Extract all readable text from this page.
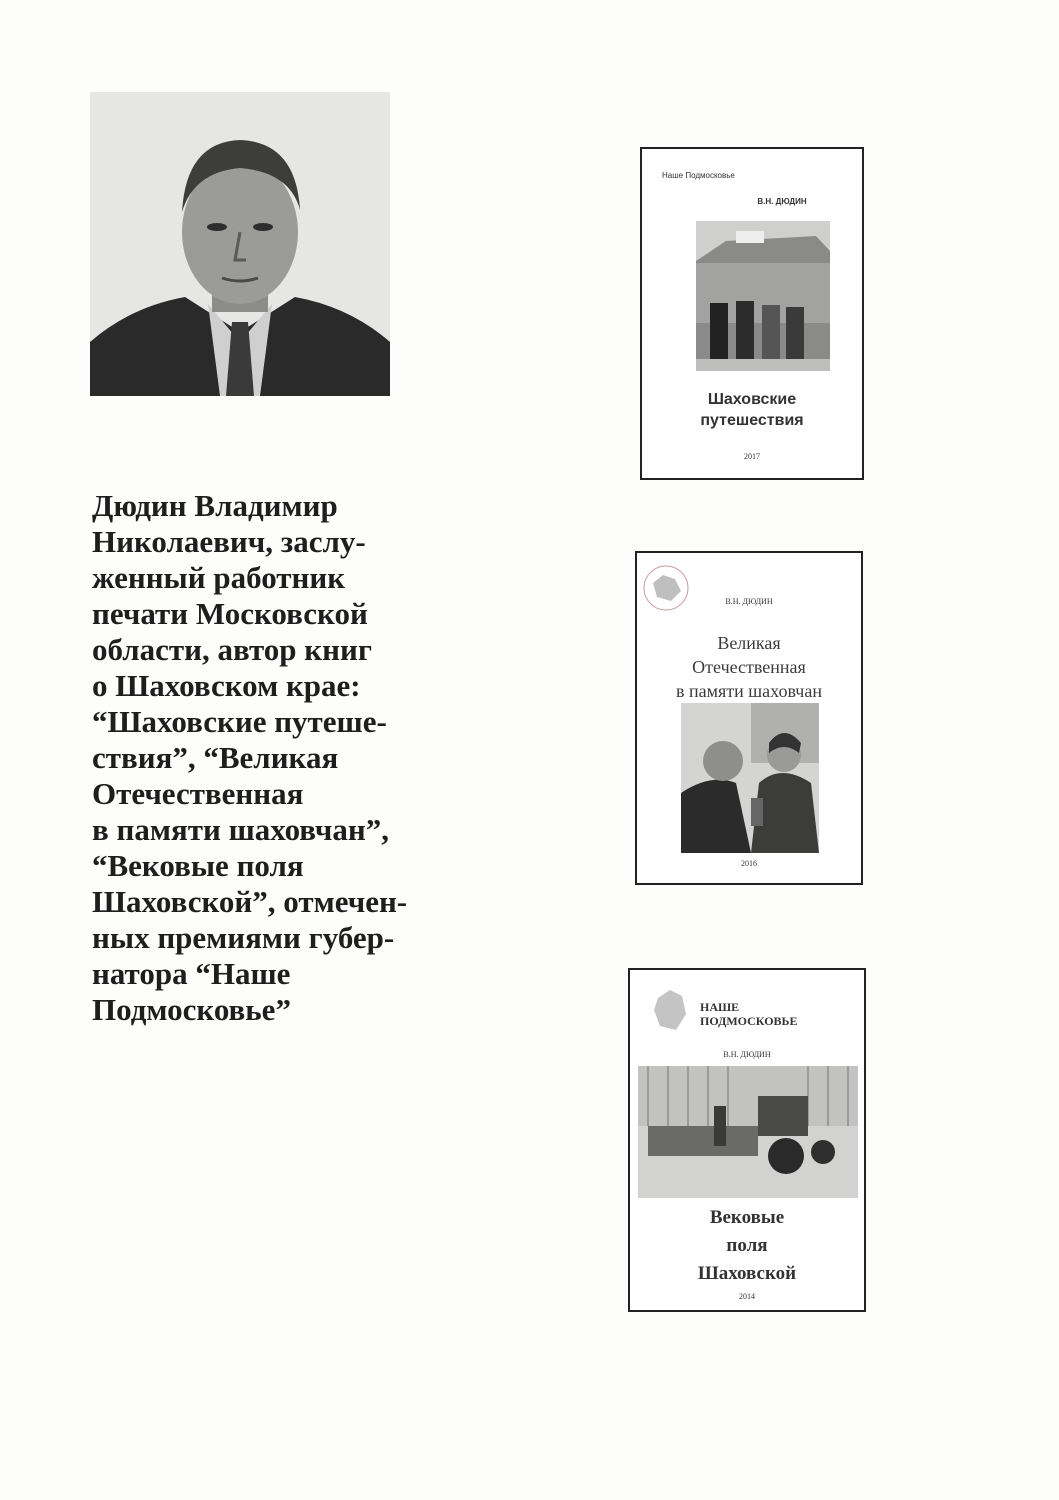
Дюдин Владимир
Николаевич, заслу-
женный работник
печати Московской
области, автор книг
о Шаховском крае:
“Шаховские путеше-
ствия”, “Великая
Отечественная
в памяти шаховчан”,
“Вековые поля
Шаховской”, отмечен-
ных премиями губер-
натора “Наше
Подмосковье”
Наше Подмосковье
В.Н. ДЮДИН
Шаховские
путешествия
2017
В.Н. ДЮДИН
Великая
Отечественная
в памяти шаховчан
2016
НАШЕ
ПОДМОСКОВЬЕ
В.Н. ДЮДИН
Вековые
поля
Шаховской
2014
